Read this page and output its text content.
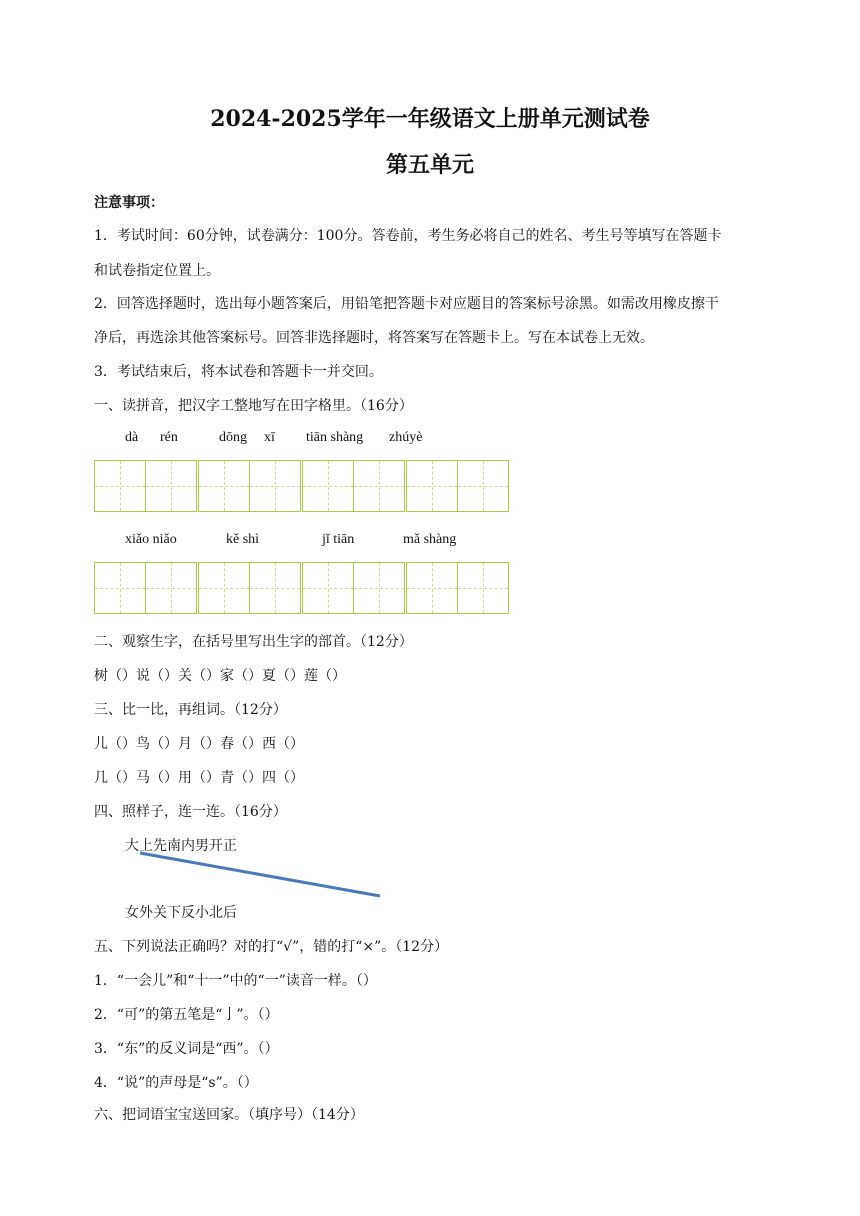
2024-2025学年一年级语文上册单元测试卷
第五单元
注意事项：
1．考试时间：60分钟，试卷满分：100分。答卷前，考生务必将自己的姓名、考生号等填写在答题卡
和试卷指定位置上。
2．回答选择题时，选出每小题答案后，用铅笔把答题卡对应题目的答案标号涂黑。如需改用橡皮擦干
净后，再选涂其他答案标号。回答非选择题时，将答案写在答题卡上。写在本试卷上无效。
3．考试结束后，将本试卷和答题卡一并交回。
一、读拼音，把汉字工整地写在田字格里。（16分）
dà rén	dōng xī tiān shàng zhúyè
xiǎo niǎo	kě shì	jǐ tiān	mǎ shàng
二、观察生字，在括号里写出生字的部首。（12分）
树（）说（）关（）家（）夏（）莲（）
三、比一比，再组词。（12分）
儿（）鸟（）月（）春（）西（）
几（）马（）用（）青（）四（）
四、照样子，连一连。（16分）
大上先南内男开正
女外关下反小北后
五、下列说法正确吗？对的打“√”，错的打“×”。（12分）
1．“一会儿”和“十一”中的“一”读音一样。（）
2．“可”的第五笔是“亅”。（）
3．“东”的反义词是“西”。（）
4．“说”的声母是“s”。（）
六、把词语宝宝送回家。（填序号）（14分）
